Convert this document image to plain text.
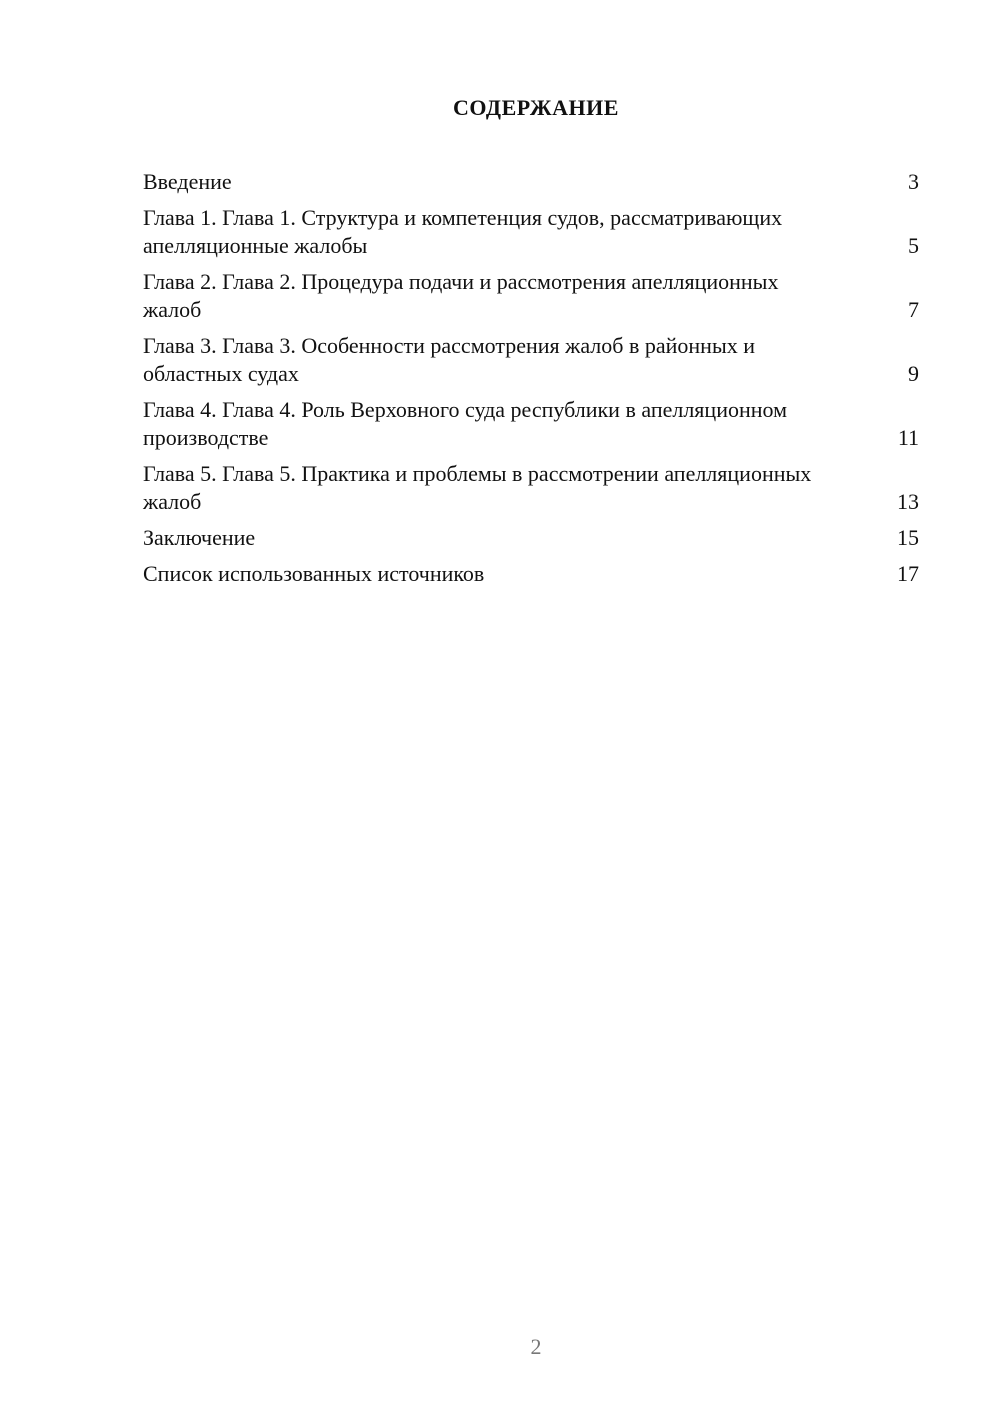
СОДЕРЖАНИЕ
Введение	3
Глава 1. Глава 1. Структура и компетенция судов, рассматривающих апелляционные жалобы	5
Глава 2. Глава 2. Процедура подачи и рассмотрения апелляционных жалоб	7
Глава 3. Глава 3. Особенности рассмотрения жалоб в районных и областных судах	9
Глава 4. Глава 4. Роль Верховного суда республики в апелляционном производстве	11
Глава 5. Глава 5. Практика и проблемы в рассмотрении апелляционных жалоб	13
Заключение	15
Список использованных источников	17
2
